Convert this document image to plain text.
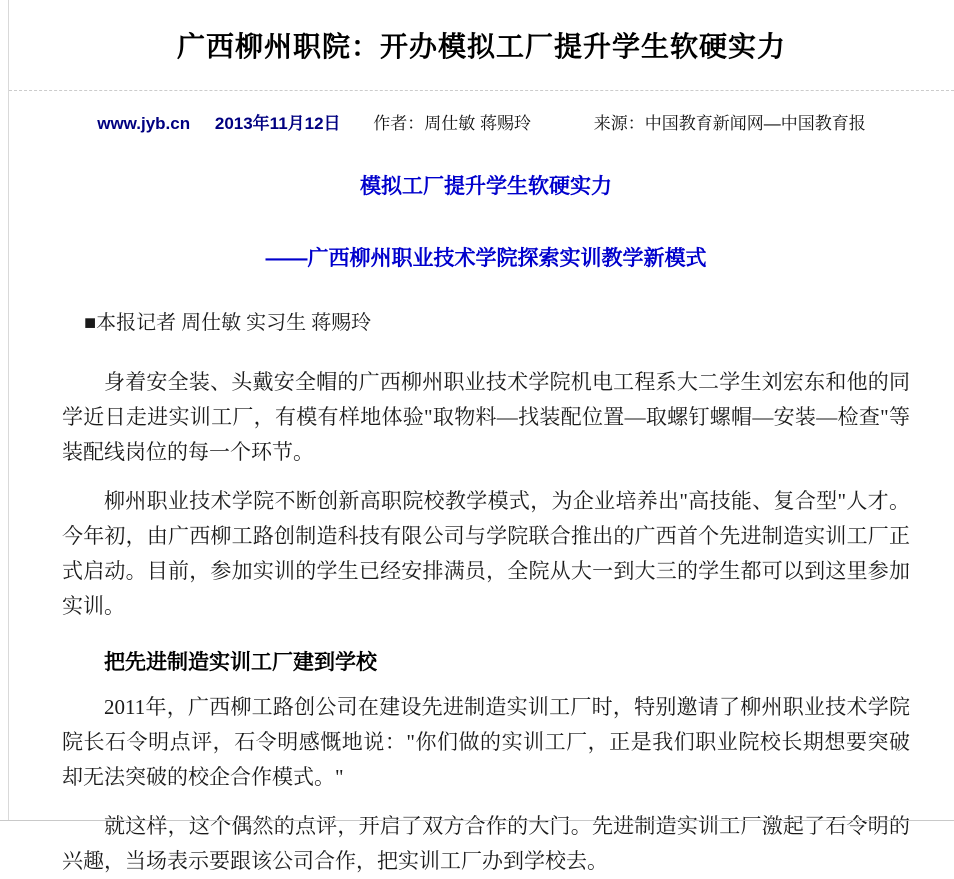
广西柳州职院：开办模拟工厂提升学生软硬实力
www.jyb.cn 2013年11月12日 作者：周仕敏 蒋赐玲	来源：中国教育新闻网—中国教育报
模拟工厂提升学生软硬实力
——广西柳州职业技术学院探索实训教学新模式

■本报记者 周仕敏 实习生 蒋赐玲

身着安全装、头戴安全帽的广西柳州职业技术学院机电工程系大二学生刘宏东和他的同学近日走进实训工厂，有模有样地体验"取物料—找装配位置—取螺钉螺帽—安装—检查"等装配线岗位的每一个环节。

柳州职业技术学院不断创新高职院校教学模式，为企业培养出"高技能、复合型"人才。今年初，由广西柳工路创制造科技有限公司与学院联合推出的广西首个先进制造实训工厂正式启动。目前，参加实训的学生已经安排满员，全院从大一到大三的学生都可以到这里参加实训。

把先进制造实训工厂建到学校

2011年，广西柳工路创公司在建设先进制造实训工厂时，特别邀请了柳州职业技术学院院长石令明点评，石令明感慨地说："你们做的实训工厂，正是我们职业院校长期想要突破却无法突破的校企合作模式。"

就这样，这个偶然的点评，开启了双方合作的大门。先进制造实训工厂激起了石令明的兴趣，当场表示要跟该公司合作，把实训工厂办到学校去。
